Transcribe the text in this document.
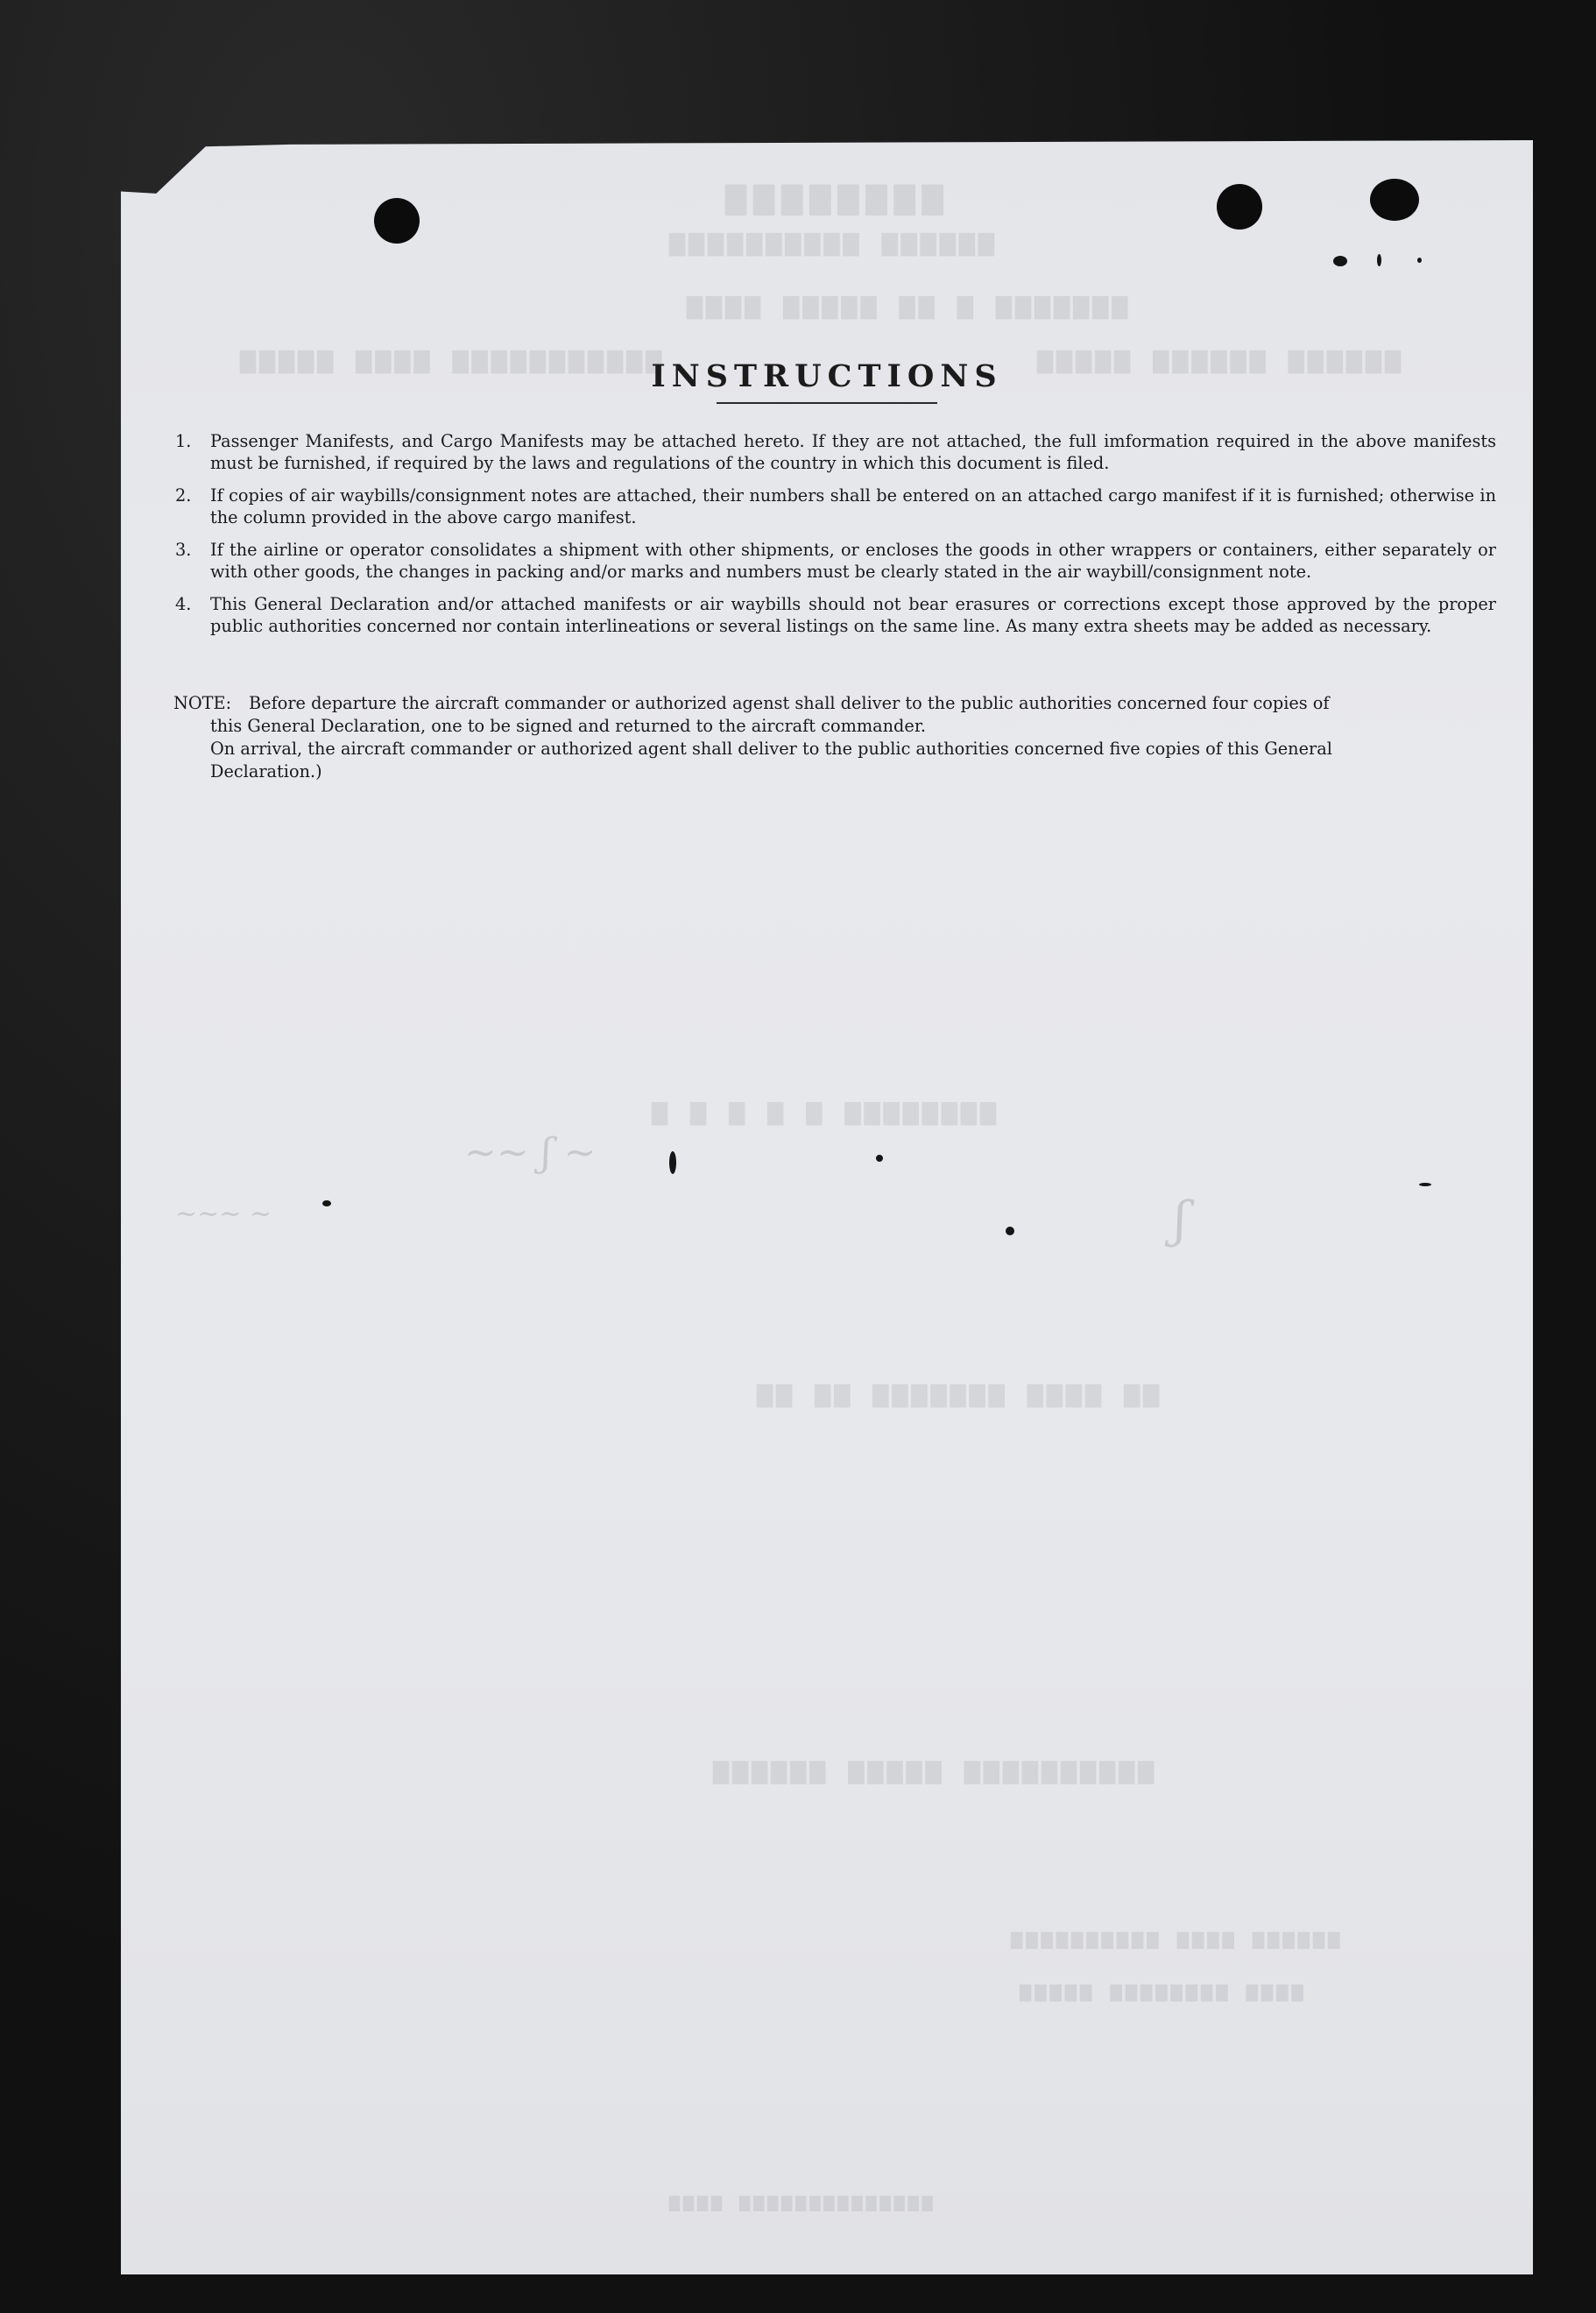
▆▆▆▆▆▆▆▆
▆▆▆▆▆▆ ▆▆▆▆▆▆▆▆▆▆
▆▆▆▆▆▆▆ ▆ ▆▆ ▆▆▆▆▆ ▆▆▆▆
▆▆▆▆▆▆▆▆▆▆▆ ▆▆▆▆ ▆▆▆▆▆	▆▆▆▆▆▆ ▆▆▆▆▆▆ ▆▆▆▆▆
▆▆▆▆▆▆▆▆ ▆ ▆ ▆ ▆ ▆
▆▆ ▆▆▆▆ ▆▆▆▆▆▆▆ ▆▆ ▆▆
▆▆▆▆▆▆▆▆▆▆ ▆▆▆▆▆ ▆▆▆▆▆▆
▆▆▆▆▆▆ ▆▆▆▆ ▆▆▆▆▆▆▆▆▆▆
▆▆▆▆ ▆▆▆▆▆▆▆▆ ▆▆▆▆▆
▆▆▆▆▆▆▆▆▆▆▆▆▆▆ ▆▆▆▆
~~ ʃ ~
ʃ
~~~ ~
INSTRUCTIONS
1. Passenger Manifests, and Cargo Manifests may be attached hereto. If they are not attached, the full imformation required in the above manifests must be furnished, if required by the laws and regulations of the country in which this document is filed.
2. If copies of air waybills/consignment notes are attached, their numbers shall be entered on an attached cargo manifest if it is furnished; otherwise in the column provided in the above cargo manifest.
3. If the airline or operator consolidates a shipment with other shipments, or encloses the goods in other wrappers or containers, either separately or with other goods, the changes in packing and/or marks and numbers must be clearly stated in the air waybill/consignment note.
4. This General Declaration and/or attached manifests or air waybills should not bear erasures or corrections except those approved by the proper public authorities concerned nor contain interlineations or several listings on the same line. As many extra sheets may be added as necessary.
NOTE:	Before departure the aircraft commander or authorized agenst shall deliver to the public authorities concerned four copies of
this General Declaration, one to be signed and returned to the aircraft commander.
On arrival, the aircraft commander or authorized agent shall deliver to the public authorities concerned five copies of this General
Declaration.)
